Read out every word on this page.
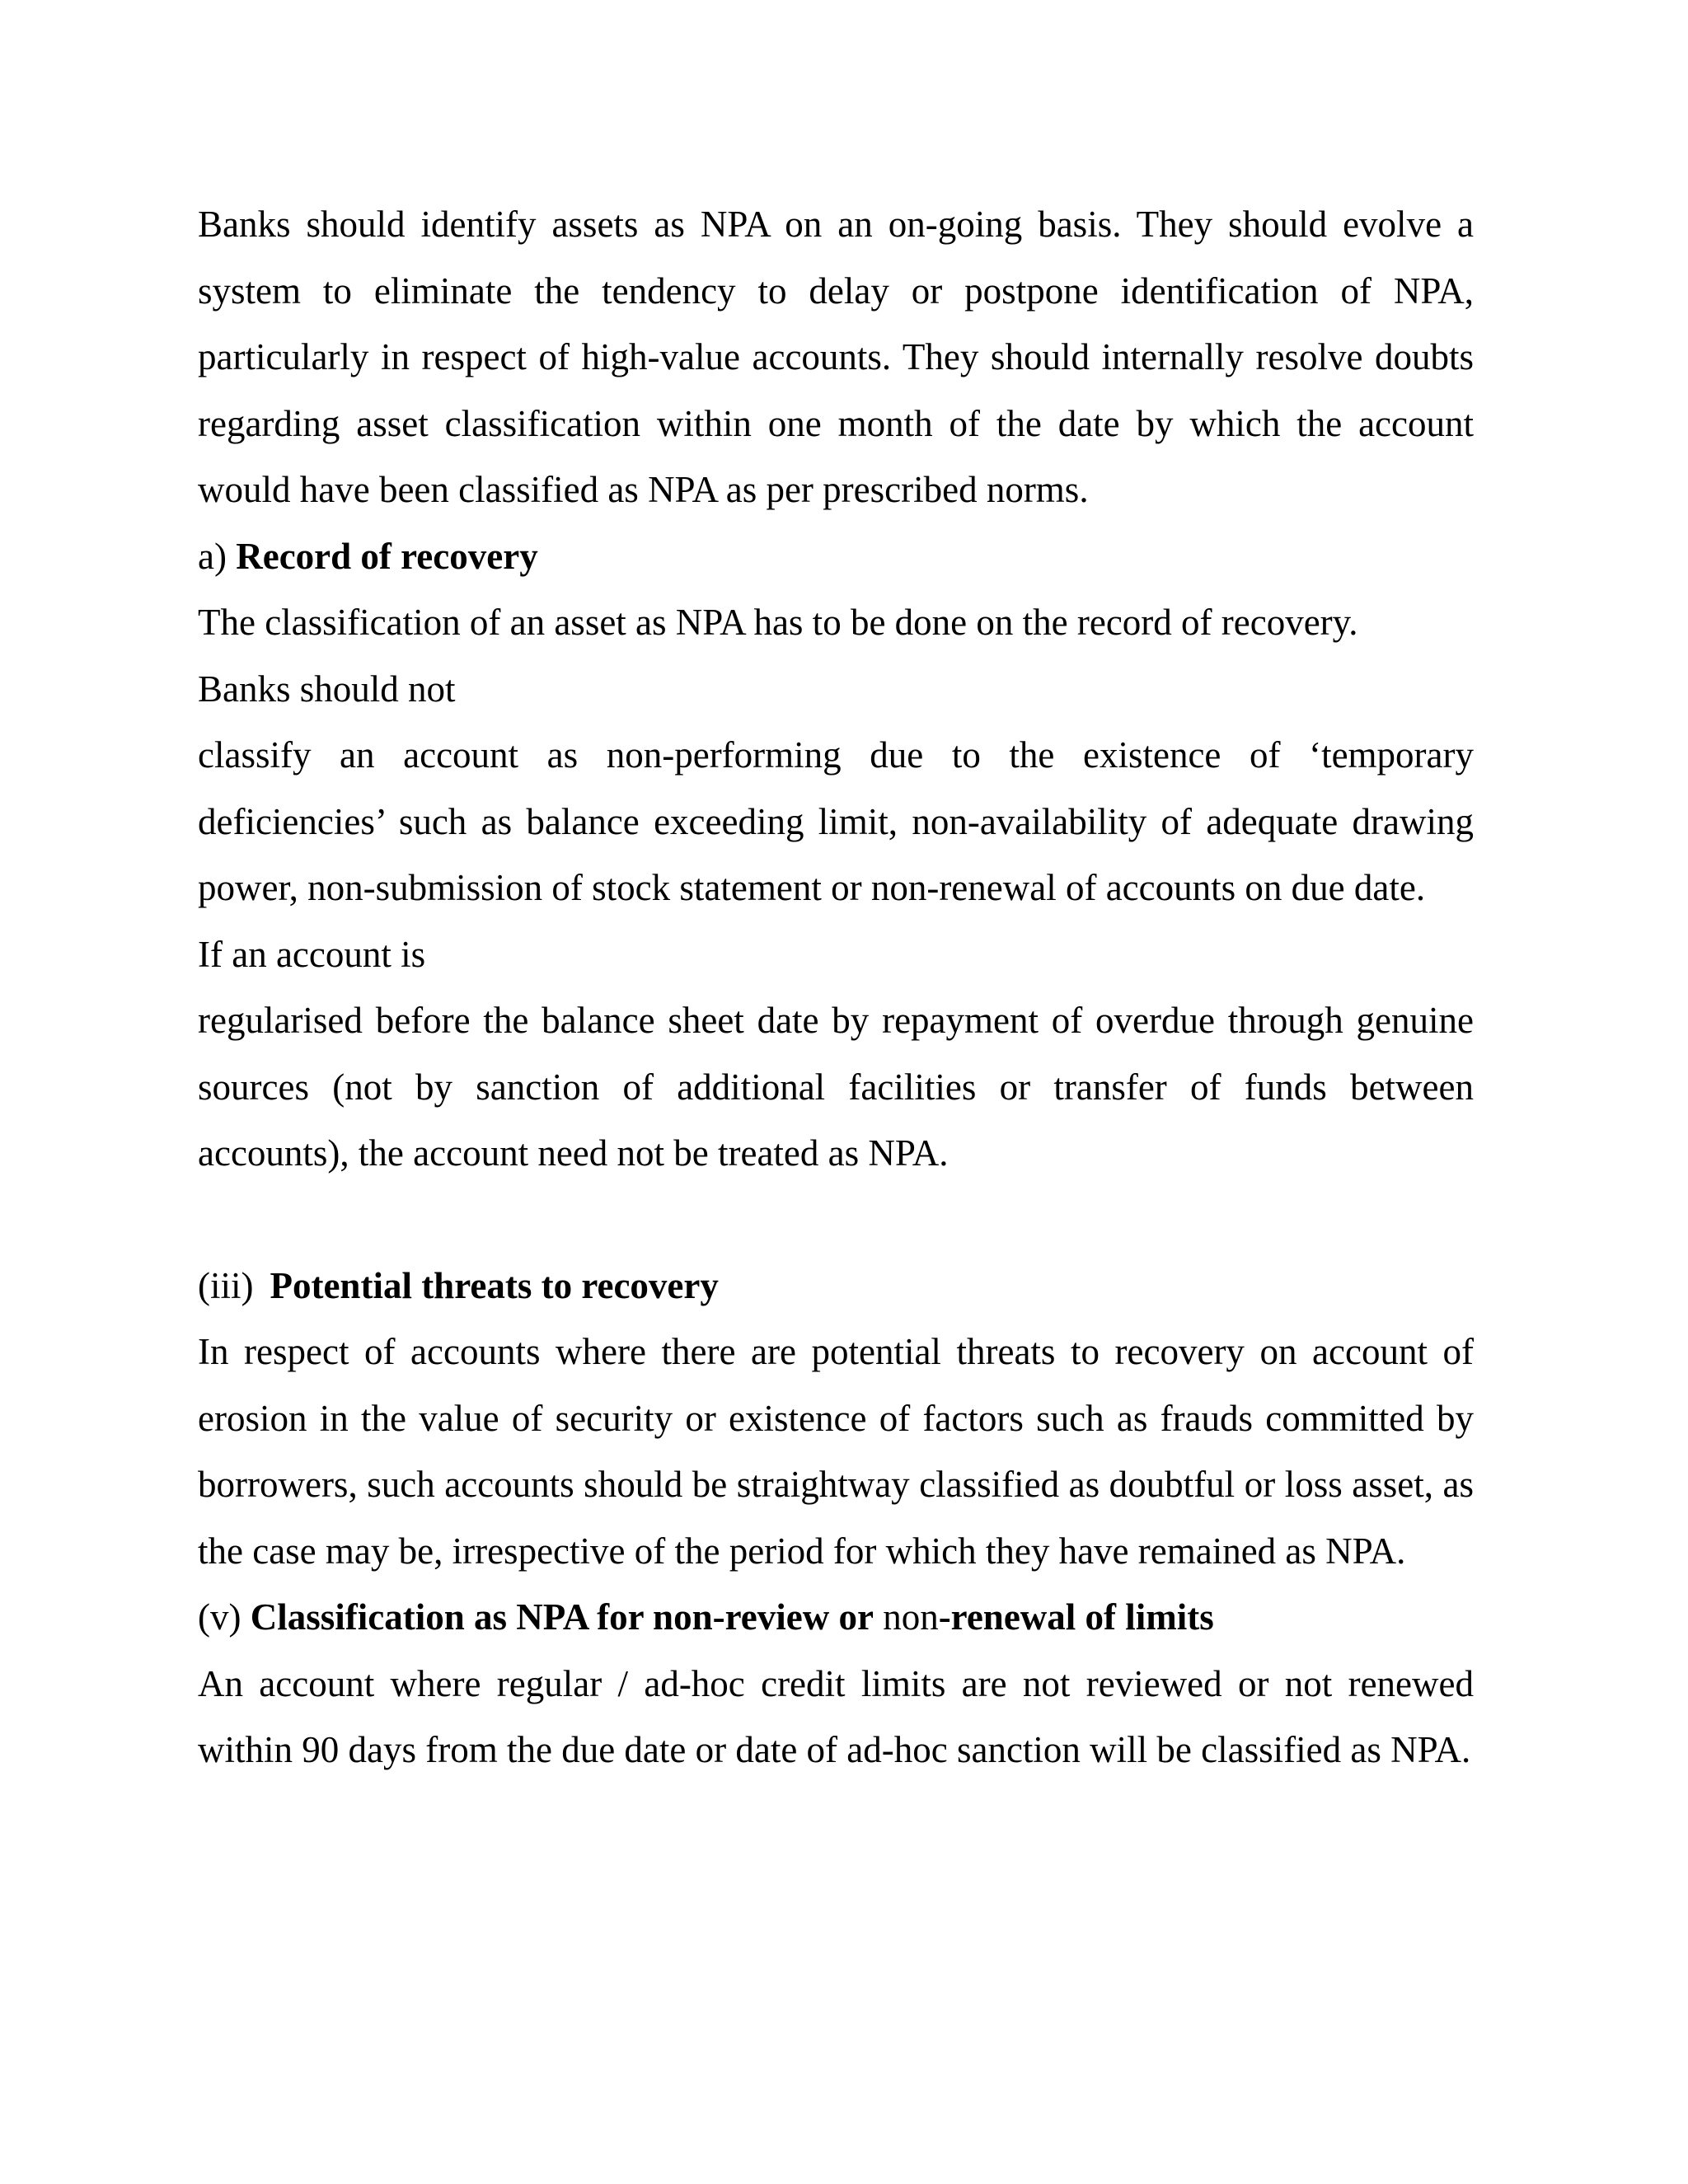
Banks should identify assets as NPA on an on-going basis. They should evolve a system to eliminate the tendency to delay or postpone identification of NPA, particularly in respect of high-value accounts. They should internally resolve doubts regarding asset classification within one month of the date by which the account would have been classified as NPA as per prescribed norms.

a) Record of recovery

The classification of an asset as NPA has to be done on the record of recovery.

Banks should not

classify an account as non-performing due to the existence of ‘temporary deficiencies’ such as balance exceeding limit, non-availability of adequate drawing power, non-submission of stock statement or non-renewal of accounts on due date.

If an account is

regularised before the balance sheet date by repayment of overdue through genuine sources (not by sanction of additional facilities or transfer of funds between accounts), the account need not be treated as NPA.

(iii) Potential threats to recovery

In respect of accounts where there are potential threats to recovery on account of erosion in the value of security or existence of factors such as frauds committed by borrowers, such accounts should be straightway classified as doubtful or loss asset, as the case may be, irrespective of the period for which they have remained as NPA.

(v) Classification as NPA for non-review or non-renewal of limits

An account where regular / ad-hoc credit limits are not reviewed or not renewed within 90 days from the due date or date of ad-hoc sanction will be classified as NPA.
